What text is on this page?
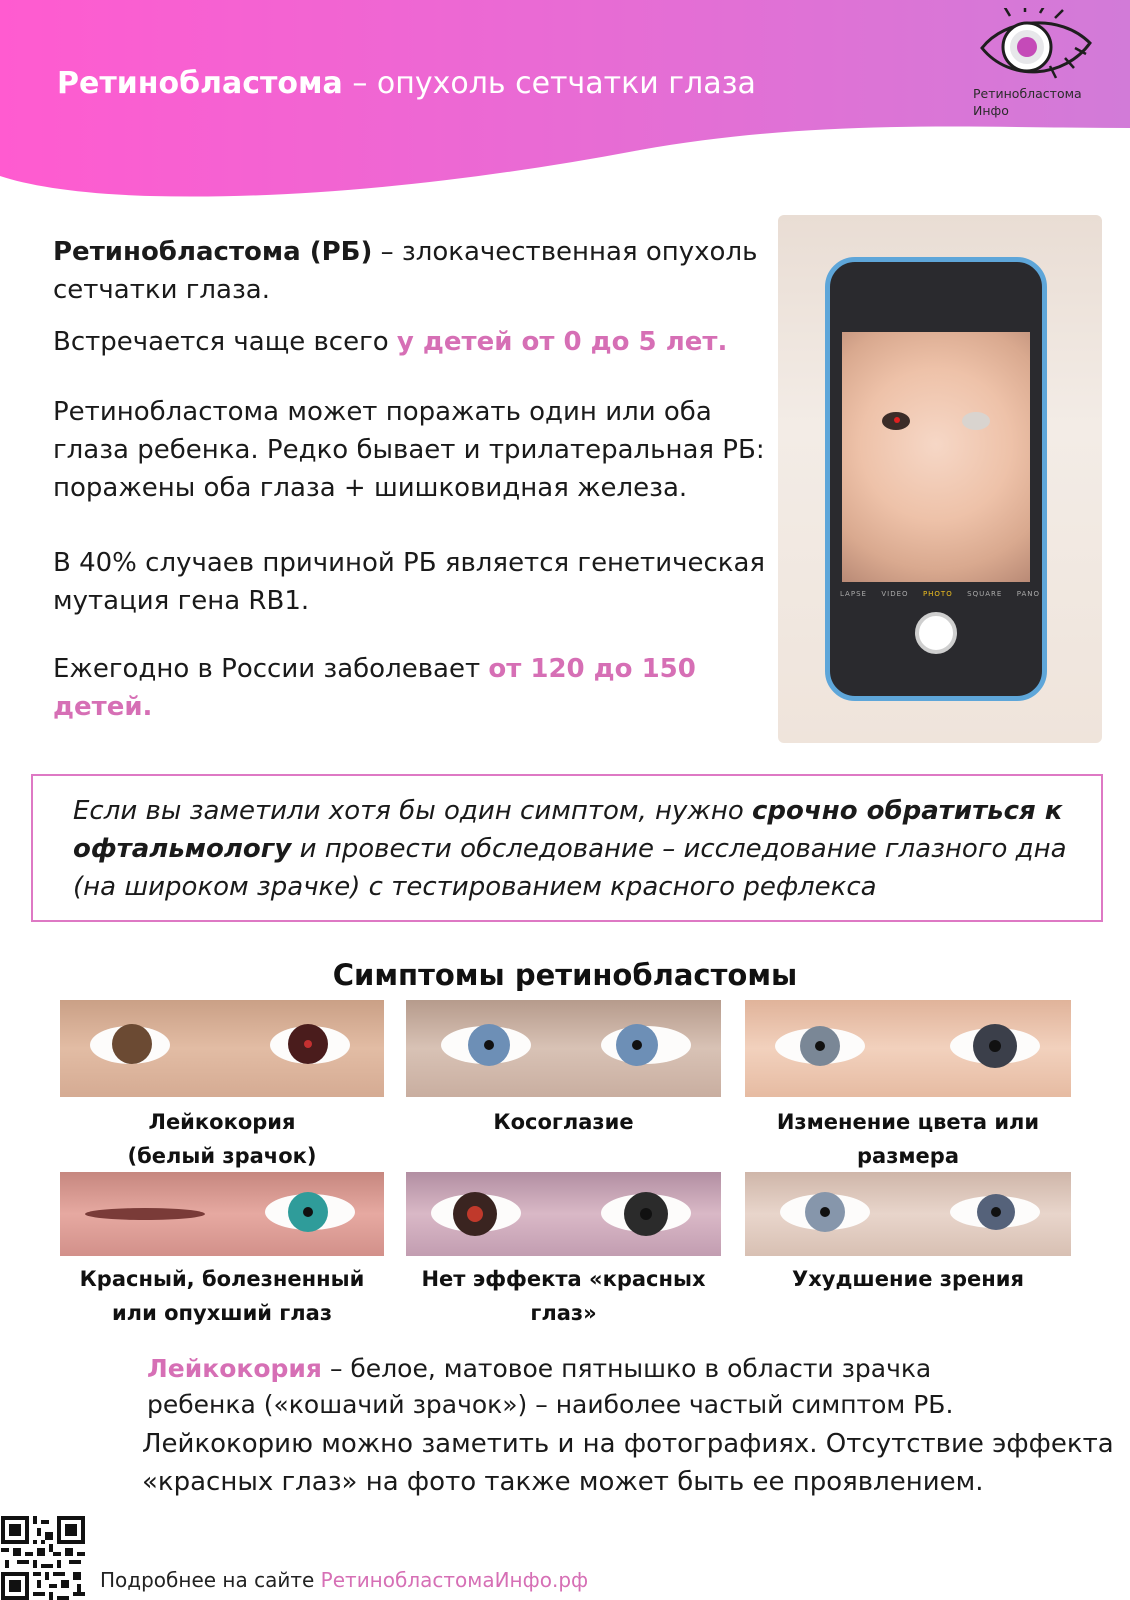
Ретинобластома – опухоль сетчатки глаза	Ретинобластома
Инфо
Ретинобластома (РБ) – злокачественная опухоль сетчатки глаза.
Встречается чаще всего у детей от 0 до 5 лет.
Ретинобластома может поражать один или оба глаза ребенка. Редко бывает и трилатеральная РБ: поражены оба глаза + шишковидная железа.
В 40% случаев причиной РБ является генетическая мутация гена RB1.
Ежегодно в России заболевает от 120 до 150 детей.
LAPSE VIDEO PHOTO SQUARE PANO
Если вы заметили хотя бы один симптом, нужно срочно обратиться к офтальмологу и провести обследование – исследование глазного дна (на широком зрачке) с тестированием красного рефлекса
Симптомы ретинобластомы
Лейкокория
(белый зрачок)
Косоглазие	Изменение цвета или
размера
Красный, болезненный
или опухший глаз
Нет эффекта «красных
глаз»
Ухудшение зрения
Лейкокория – белое, матовое пятнышко в области зрачка ребенка («кошачий зрачок») – наиболее частый симптом РБ.
Лейкокорию можно заметить и на фотографиях. Отсутствие эффекта «красных глаз» на фото также может быть ее проявлением.
Подробнее на сайте РетинобластомаИнфо.рф
